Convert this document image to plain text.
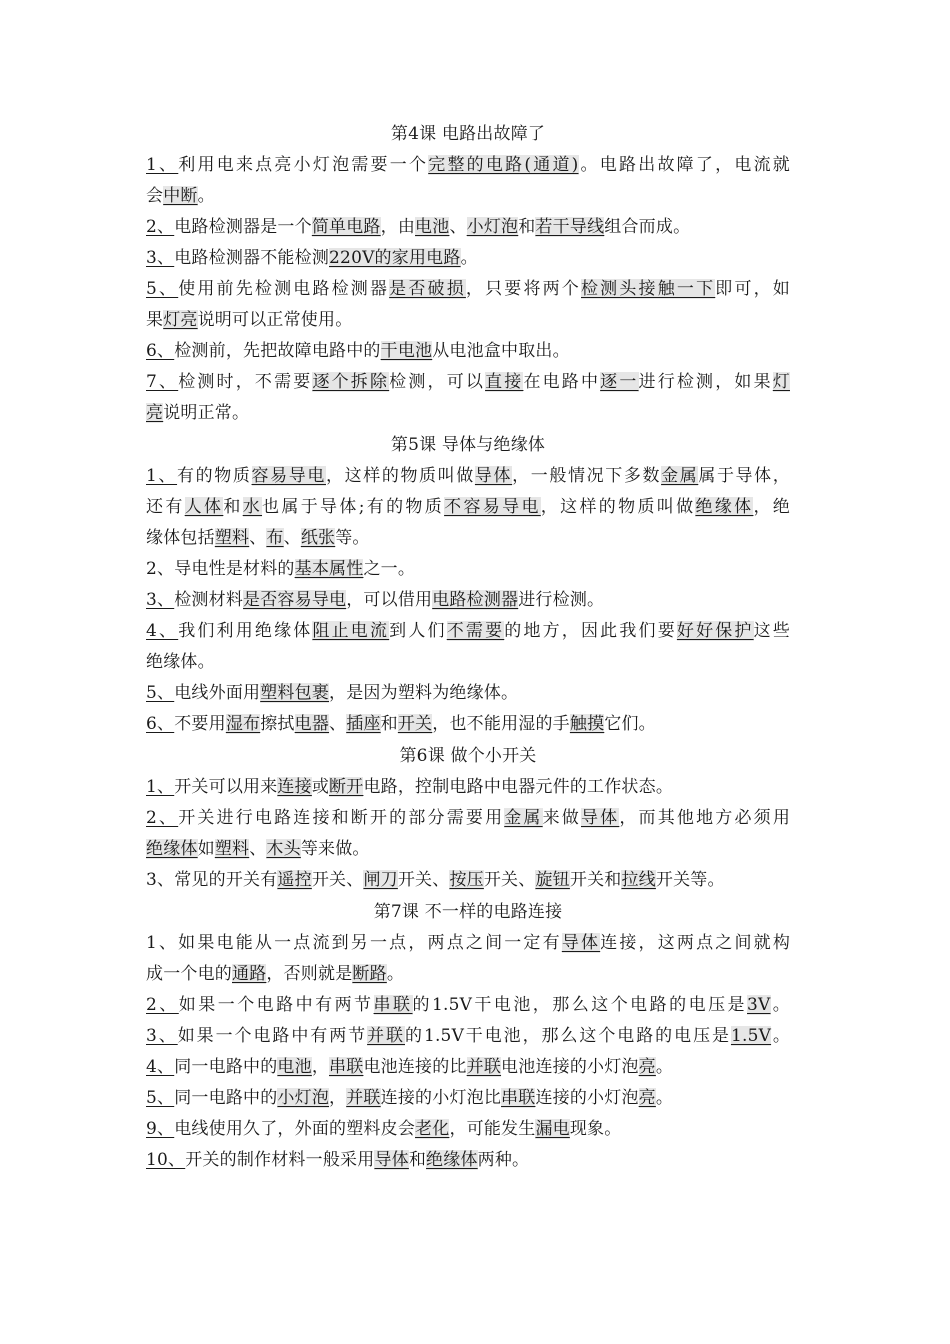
第4课 电路出故障了
1、利用电来点亮小灯泡需要一个完整的电路(通道)。电路出故障了，电流就
会中断。
2、电路检测器是一个简单电路，由电池、小灯泡和若干导线组合而成。
3、电路检测器不能检测220V的家用电路。
5、使用前先检测电路检测器是否破损，只要将两个检测头接触一下即可，如
果灯亮说明可以正常使用。
6、检测前，先把故障电路中的干电池从电池盒中取出。
7、检测时，不需要逐个拆除检测，可以直接在电路中逐一进行检测，如果灯
亮说明正常。
第5课 导体与绝缘体
1、有的物质容易导电，这样的物质叫做导体，一般情况下多数金属属于导体，
还有人体和水也属于导体;有的物质不容易导电，这样的物质叫做绝缘体，绝
缘体包括塑料、布、纸张等。
2、导电性是材料的基本属性之一。
3、检测材料是否容易导电，可以借用电路检测器进行检测。
4、我们利用绝缘体阻止电流到人们不需要的地方，因此我们要好好保护这些
绝缘体。
5、电线外面用塑料包裹，是因为塑料为绝缘体。
6、不要用湿布擦拭电器、插座和开关，也不能用湿的手触摸它们。
第6课 做个小开关
1、开关可以用来连接或断开电路，控制电路中电器元件的工作状态。
2、开关进行电路连接和断开的部分需要用金属来做导体，而其他地方必须用
绝缘体如塑料、木头等来做。
3、常见的开关有遥控开关、闸刀开关、按压开关、旋钮开关和拉线开关等。
第7课 不一样的电路连接
1、如果电能从一点流到另一点，两点之间一定有导体连接，这两点之间就构
成一个电的通路，否则就是断路。
2、如果一个电路中有两节串联的1.5V干电池，那么这个电路的电压是3V。
3、如果一个电路中有两节并联的1.5V干电池，那么这个电路的电压是1.5V。
4、同一电路中的电池，串联电池连接的比并联电池连接的小灯泡亮。
5、同一电路中的小灯泡，并联连接的小灯泡比串联连接的小灯泡亮。
9、电线使用久了，外面的塑料皮会老化，可能发生漏电现象。
10、开关的制作材料一般采用导体和绝缘体两种。
